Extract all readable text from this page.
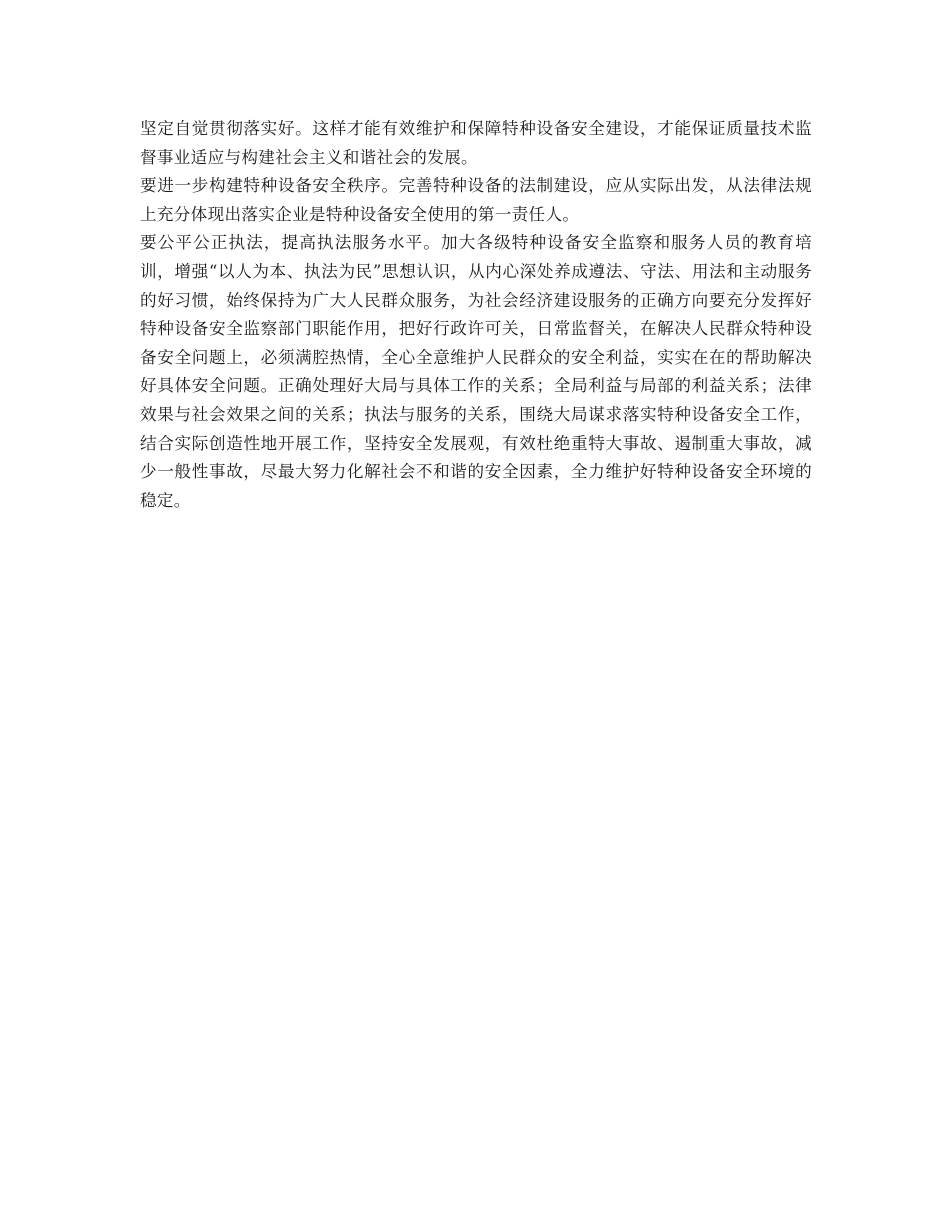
坚定自觉贯彻落实好。这样才能有效维护和保障特种设备安全建设，才能保证质量技术监督事业适应与构建社会主义和谐社会的发展。

要进一步构建特种设备安全秩序。完善特种设备的法制建设，应从实际出发，从法律法规上充分体现出落实企业是特种设备安全使用的第一责任人。

要公平公正执法，提高执法服务水平。加大各级特种设备安全监察和服务人员的教育培训，增强“以人为本、执法为民”思想认识，从内心深处养成遵法、守法、用法和主动服务的好习惯，始终保持为广大人民群众服务，为社会经济建设服务的正确方向要充分发挥好特种设备安全监察部门职能作用，把好行政许可关，日常监督关，在解决人民群众特种设备安全问题上，必须满腔热情，全心全意维护人民群众的安全利益，实实在在的帮助解决好具体安全问题。正确处理好大局与具体工作的关系；全局利益与局部的利益关系；法律效果与社会效果之间的关系；执法与服务的关系，围绕大局谋求落实特种设备安全工作，结合实际创造性地开展工作，坚持安全发展观，有效杜绝重特大事故、遏制重大事故，减少一般性事故，尽最大努力化解社会不和谐的安全因素，全力维护好特种设备安全环境的稳定。
